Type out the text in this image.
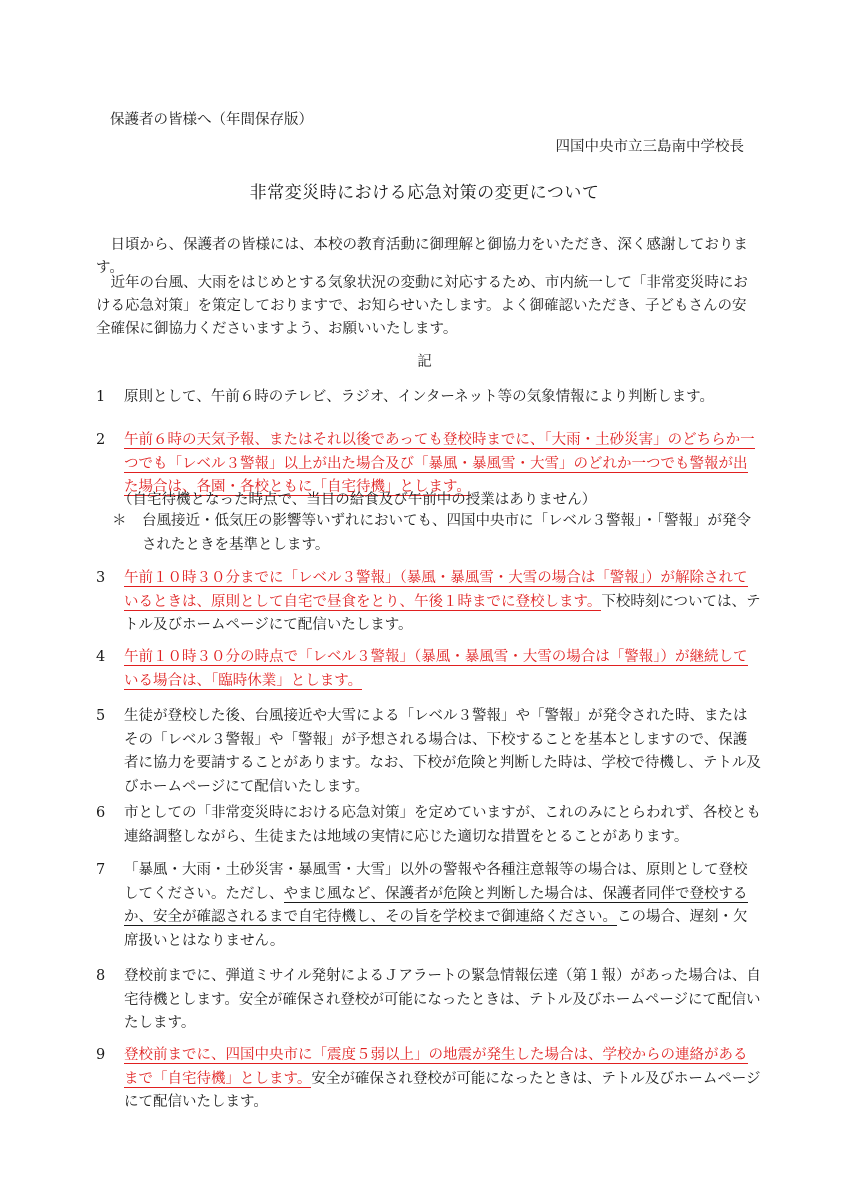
保護者の皆様へ（年間保存版）
四国中央市立三島南中学校長
非常変災時における応急対策の変更について

日頃から、保護者の皆様には、本校の教育活動に御理解と御協力をいただき、深く感謝しております。

近年の台風、大雨をはじめとする気象状況の変動に対応するため、市内統一して「非常変災時における応急対策」を策定しておりますで、お知らせいたします。よく御確認いただき、子どもさんの安全確保に御協力くださいますよう、お願いいたします。

記
1	原則として、午前６時のテレビ、ラジオ、インターネット等の気象情報により判断します。

2	午前６時の天気予報、またはそれ以後であっても登校時までに、「大雨・土砂災害」のどちらか一つでも「レベル３警報」以上が出た場合及び「暴風・暴風雪・大雪」のどれか一つでも警報が出た場合は、各園・各校ともに「自宅待機」とします。

（自宅待機となった時点で、当日の給食及び午前中の授業はありません）
＊ 台風接近・低気圧の影響等いずれにおいても、四国中央市に「レベル３警報」・「警報」が発令されたときを基準とします。

3	午前１０時３０分までに「レベル３警報」（暴風・暴風雪・大雪の場合は「警報」）が解除されているときは、原則として自宅で昼食をとり、午後１時までに登校します。下校時刻については、テトル及びホームページにて配信いたします。

4	午前１０時３０分の時点で「レベル３警報」（暴風・暴風雪・大雪の場合は「警報」）が継続している場合は、「臨時休業」とします。

5	生徒が登校した後、台風接近や大雪による「レベル３警報」や「警報」が発令された時、またはその「レベル３警報」や「警報」が予想される場合は、下校することを基本としますので、保護者に協力を要請することがあります。なお、下校が危険と判断した時は、学校で待機し、テトル及びホームページにて配信いたします。

6	市としての「非常変災時における応急対策」を定めていますが、これのみにとらわれず、各校とも連絡調整しながら、生徒または地域の実情に応じた適切な措置をとることがあります。

7	「暴風・大雨・土砂災害・暴風雪・大雪」以外の警報や各種注意報等の場合は、原則として登校してください。ただし、やまじ風など、保護者が危険と判断した場合は、保護者同伴で登校するか、安全が確認されるまで自宅待機し、その旨を学校まで御連絡ください。この場合、遅刻・欠席扱いとはなりません。

8	登校前までに、弾道ミサイル発射によるＪアラートの緊急情報伝達（第１報）があった場合は、自宅待機とします。安全が確保され登校が可能になったときは、テトル及びホームページにて配信いたします。

9	登校前までに、四国中央市に「震度５弱以上」の地震が発生した場合は、学校からの連絡があるまで「自宅待機」とします。安全が確保され登校が可能になったときは、テトル及びホームページにて配信いたします。
